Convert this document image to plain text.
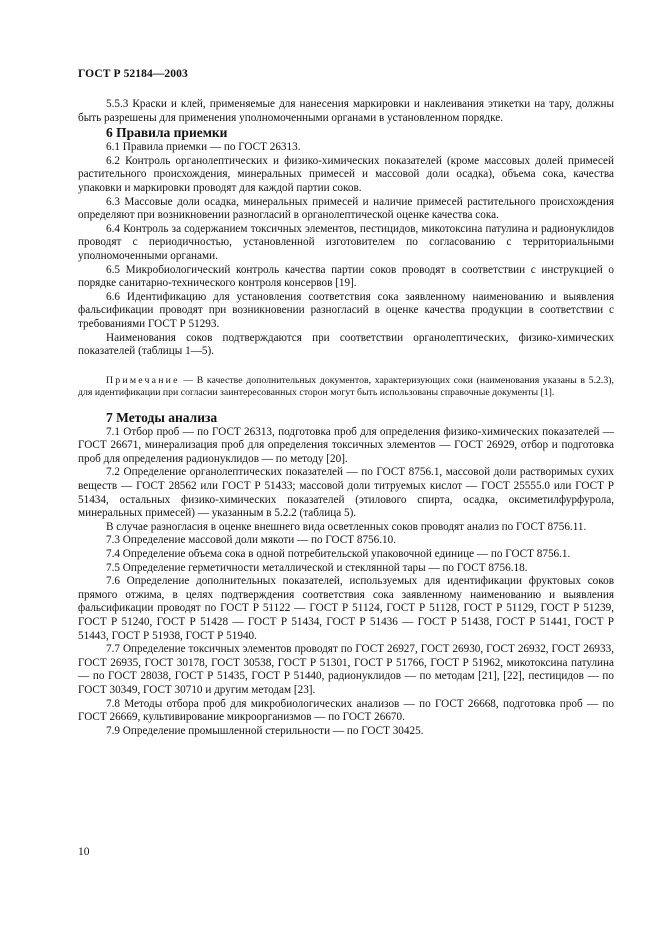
ГОСТ Р 52184—2003

5.5.3 Краски и клей, применяемые для нанесения маркировки и наклеивания этикетки на тару, должны быть разрешены для применения уполномоченными органами в установленном порядке.

6 Правила приемки

6.1 Правила приемки — по ГОСТ 26313.

6.2 Контроль органолептических и физико-химических показателей (кроме массовых долей примесей растительного происхождения, минеральных примесей и массовой доли осадка), объема сока, качества упаковки и маркировки проводят для каждой партии соков.

6.3 Массовые доли осадка, минеральных примесей и наличие примесей растительного происхождения определяют при возникновении разногласий в органолептической оценке качества сока.

6.4 Контроль за содержанием токсичных элементов, пестицидов, микотоксина патулина и радионуклидов проводят с периодичностью, установленной изготовителем по согласованию с территориальными уполномоченными органами.

6.5 Микробиологический контроль качества партии соков проводят в соответствии с инструкцией о порядке санитарно-технического контроля консервов [19].

6.6 Идентификацию для установления соответствия сока заявленному наименованию и выявления фальсификации проводят при возникновении разногласий в оценке качества продукции в соответствии с требованиями ГОСТ Р 51293.

Наименования соков подтверждаются при соответствии органолептических, физико-химических показателей (таблицы 1—5).

Примечание — В качестве дополнительных документов, характеризующих соки (наименования указаны в 5.2.3), для идентификации при согласии заинтересованных сторон могут быть использованы справочные документы [1].

7 Методы анализа

7.1 Отбор проб — по ГОСТ 26313, подготовка проб для определения физико-химических показателей — ГОСТ 26671, минерализация проб для определения токсичных элементов — ГОСТ 26929, отбор и подготовка проб для определения радионуклидов — по методу [20].

7.2 Определение органолептических показателей — по ГОСТ 8756.1, массовой доли растворимых сухих веществ — ГОСТ 28562 или ГОСТ Р 51433; массовой доли титруемых кислот — ГОСТ 25555.0 или ГОСТ Р 51434, остальных физико-химических показателей (этилового спирта, осадка, оксиметилфурфурола, минеральных примесей) — указанным в 5.2.2 (таблица 5).

В случае разногласия в оценке внешнего вида осветленных соков проводят анализ по ГОСТ 8756.11.

7.3 Определение массовой доли мякоти — по ГОСТ 8756.10.

7.4 Определение объема сока в одной потребительской упаковочной единице — по ГОСТ 8756.1.

7.5 Определение герметичности металлической и стеклянной тары — по ГОСТ 8756.18.

7.6 Определение дополнительных показателей, используемых для идентификации фруктовых соков прямого отжима, в целях подтверждения соответствия сока заявленному наименованию и выявления фальсификации проводят по ГОСТ Р 51122 — ГОСТ Р 51124, ГОСТ Р 51128, ГОСТ Р 51129, ГОСТ Р 51239, ГОСТ Р 51240, ГОСТ Р 51428 — ГОСТ Р 51434, ГОСТ Р 51436 — ГОСТ Р 51438, ГОСТ Р 51441, ГОСТ Р 51443, ГОСТ Р 51938, ГОСТ Р 51940.

7.7 Определение токсичных элементов проводят по ГОСТ 26927, ГОСТ 26930, ГОСТ 26932, ГОСТ 26933, ГОСТ 26935, ГОСТ 30178, ГОСТ 30538, ГОСТ Р 51301, ГОСТ Р 51766, ГОСТ Р 51962, микотоксина патулина — по ГОСТ 28038, ГОСТ Р 51435, ГОСТ Р 51440, радионуклидов — по методам [21], [22], пестицидов — по ГОСТ 30349, ГОСТ 30710 и другим методам [23].

7.8 Методы отбора проб для микробиологических анализов — по ГОСТ 26668, подготовка проб — по ГОСТ 26669, культивирование микроорганизмов — по ГОСТ 26670.

7.9 Определение промышленной стерильности — по ГОСТ 30425.

10
